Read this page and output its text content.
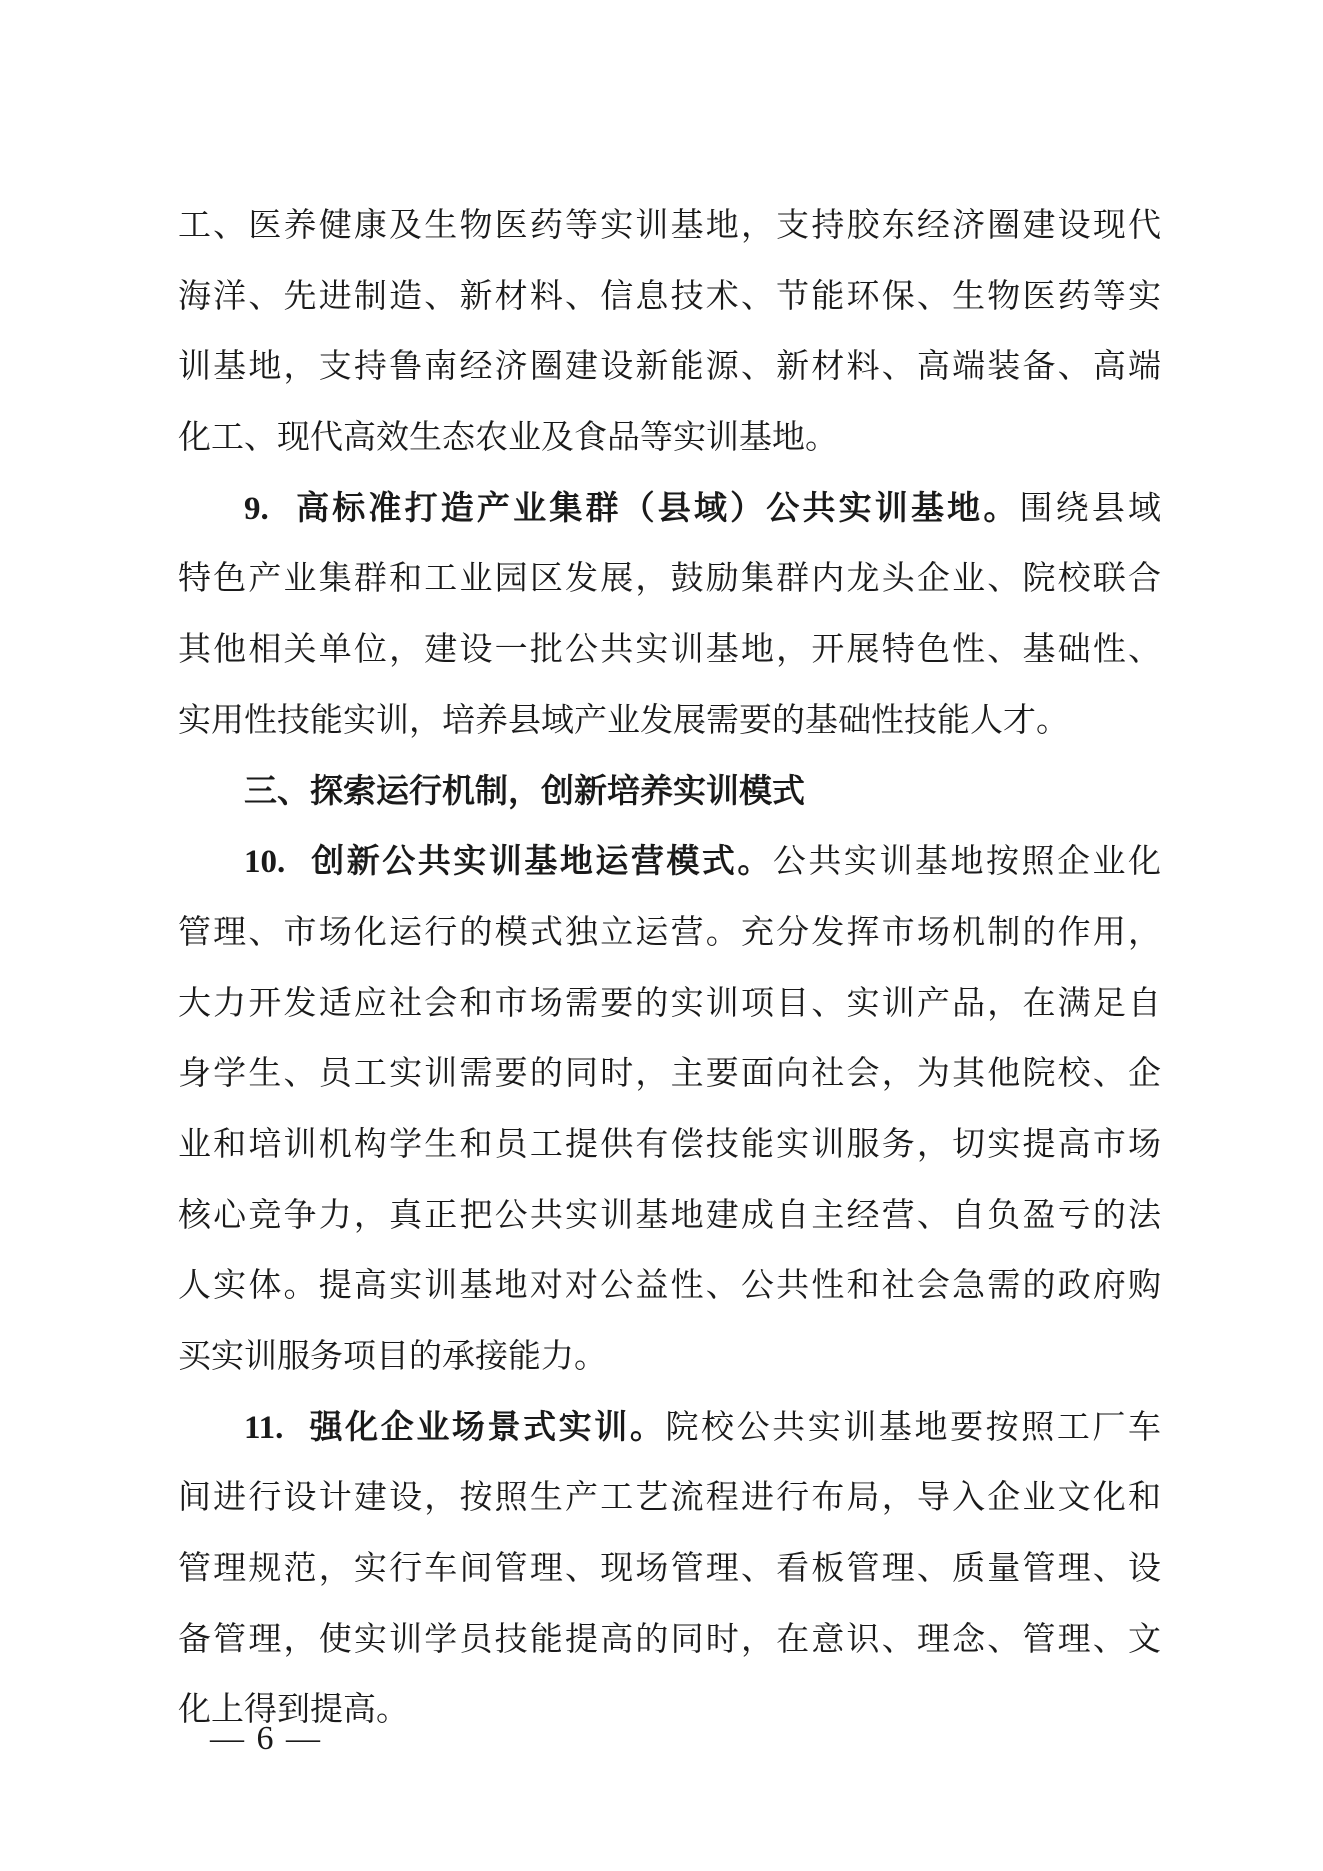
工、医养健康及生物医药等实训基地，支持胶东经济圈建设现代
海洋、先进制造、新材料、信息技术、节能环保、生物医药等实
训基地，支持鲁南经济圈建设新能源、新材料、高端装备、高端
化工、现代高效生态农业及食品等实训基地。
9. 高标准打造产业集群（县域）公共实训基地。围绕县域
特色产业集群和工业园区发展，鼓励集群内龙头企业、院校联合
其他相关单位，建设一批公共实训基地，开展特色性、基础性、
实用性技能实训，培养县域产业发展需要的基础性技能人才。
三、探索运行机制，创新培养实训模式
10. 创新公共实训基地运营模式。公共实训基地按照企业化
管理、市场化运行的模式独立运营。充分发挥市场机制的作用，
大力开发适应社会和市场需要的实训项目、实训产品，在满足自
身学生、员工实训需要的同时，主要面向社会，为其他院校、企
业和培训机构学生和员工提供有偿技能实训服务，切实提高市场
核心竞争力，真正把公共实训基地建成自主经营、自负盈亏的法
人实体。提高实训基地对对公益性、公共性和社会急需的政府购
买实训服务项目的承接能力。
11. 强化企业场景式实训。院校公共实训基地要按照工厂车
间进行设计建设，按照生产工艺流程进行布局，导入企业文化和
管理规范，实行车间管理、现场管理、看板管理、质量管理、设
备管理，使实训学员技能提高的同时，在意识、理念、管理、文
化上得到提高。
— 6 —
